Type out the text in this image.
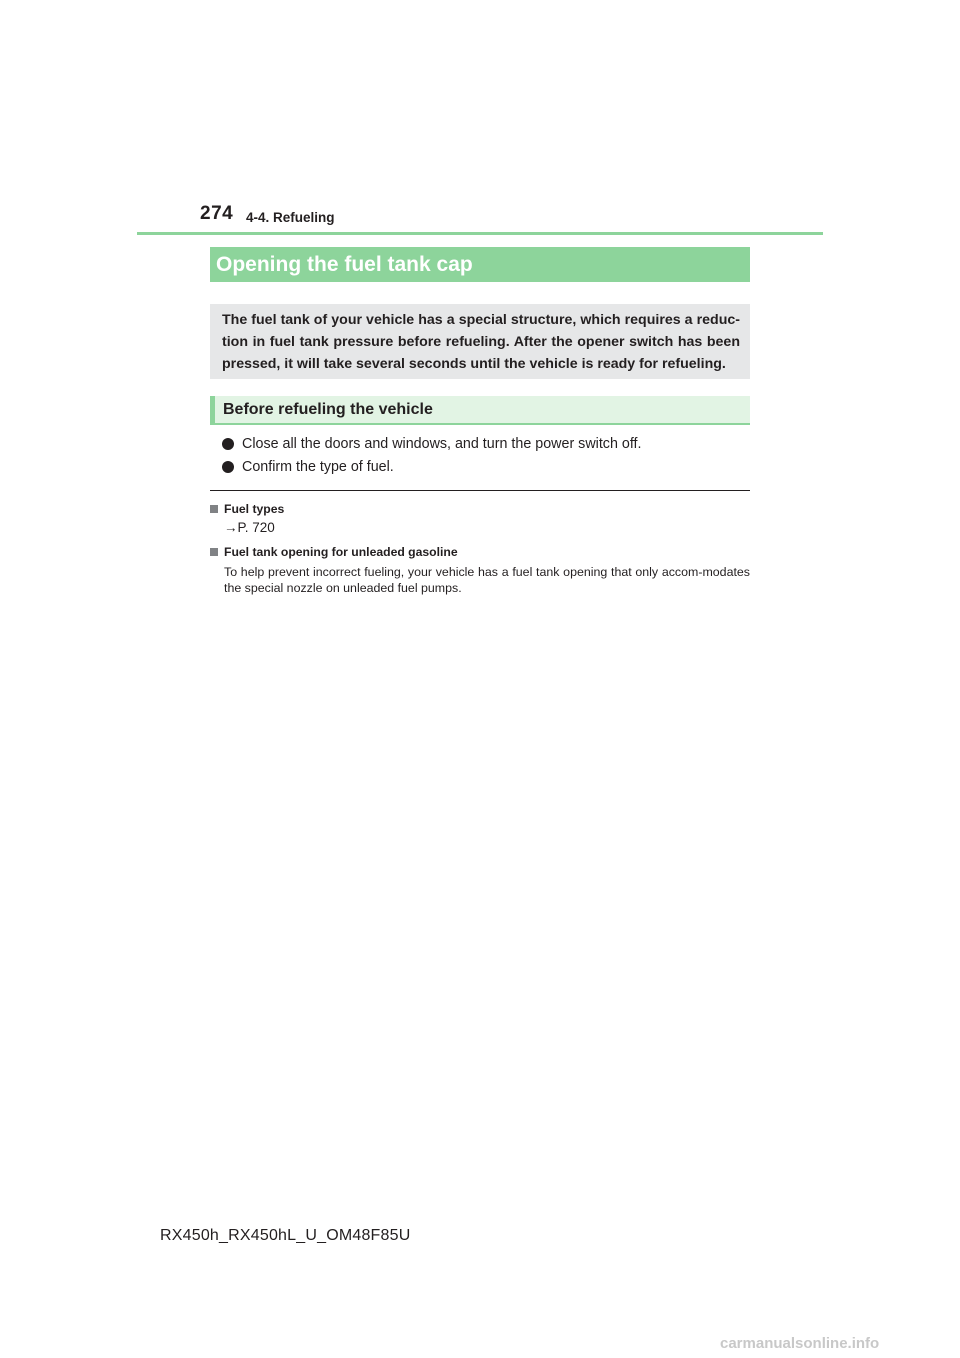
274 4-4. Refueling
Opening the fuel tank cap

The fuel tank of your vehicle has a special structure, which requires a reduc-tion in fuel tank pressure before refueling. After the opener switch has been pressed, it will take several seconds until the vehicle is ready for refueling.

Before refueling the vehicle
Close all the doors and windows, and turn the power switch off.
Confirm the type of fuel.
Fuel types
→P. 720
Fuel tank opening for unleaded gasoline
To help prevent incorrect fueling, your vehicle has a fuel tank opening that only accom-modates the special nozzle on unleaded fuel pumps.
RX450h_RX450hL_U_OM48F85U
carmanualsonline.info
